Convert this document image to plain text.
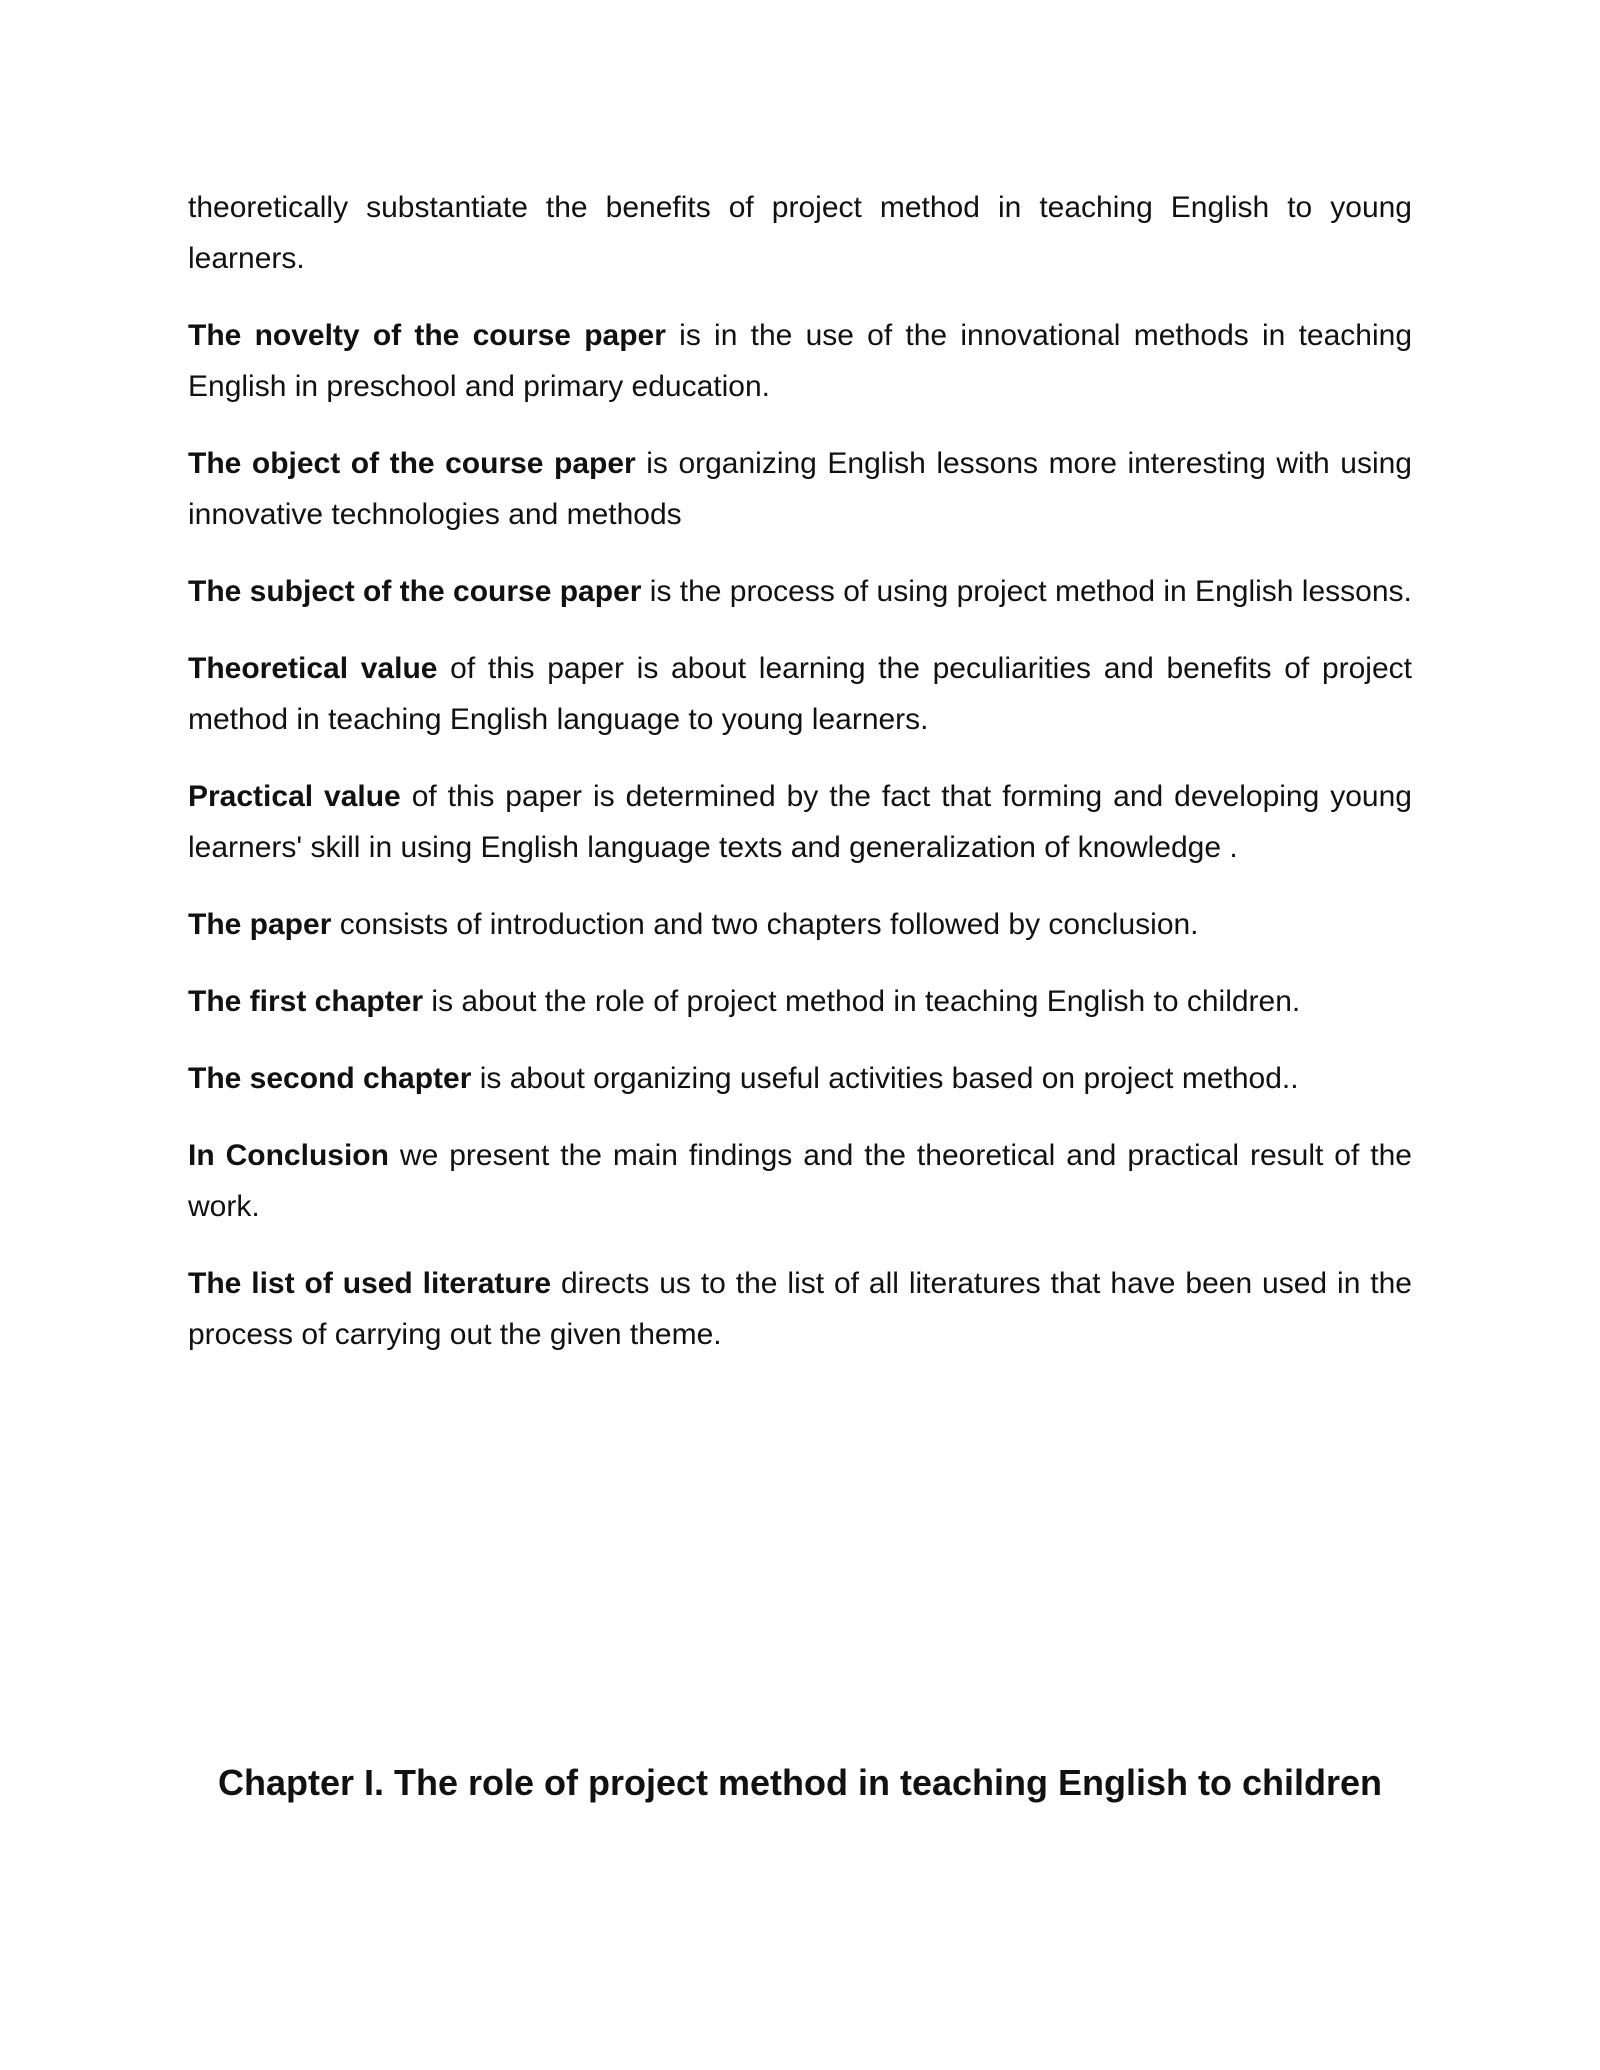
theoretically substantiate the benefits of project method in teaching English to young learners.

The novelty of the course paper is in the use of the innovational methods in teaching English in preschool and primary education.

The object of the course paper is organizing English lessons more interesting with using innovative technologies and methods

The subject of the course paper is the process of using project method in English lessons.

Theoretical value of this paper is about learning the peculiarities and benefits of project method in teaching English language to young learners.

Practical value of this paper is determined by the fact that forming and developing young learners' skill in using English language texts and generalization of knowledge .

The paper consists of introduction and two chapters followed by conclusion.

The first chapter is about the role of project method in teaching English to children.

The second chapter is about organizing useful activities based on project method..

In Conclusion we present the main findings and the theoretical and practical result of the work.

The list of used literature directs us to the list of all literatures that have been used in the process of carrying out the given theme.

Chapter I. The role of project method in teaching English to children
